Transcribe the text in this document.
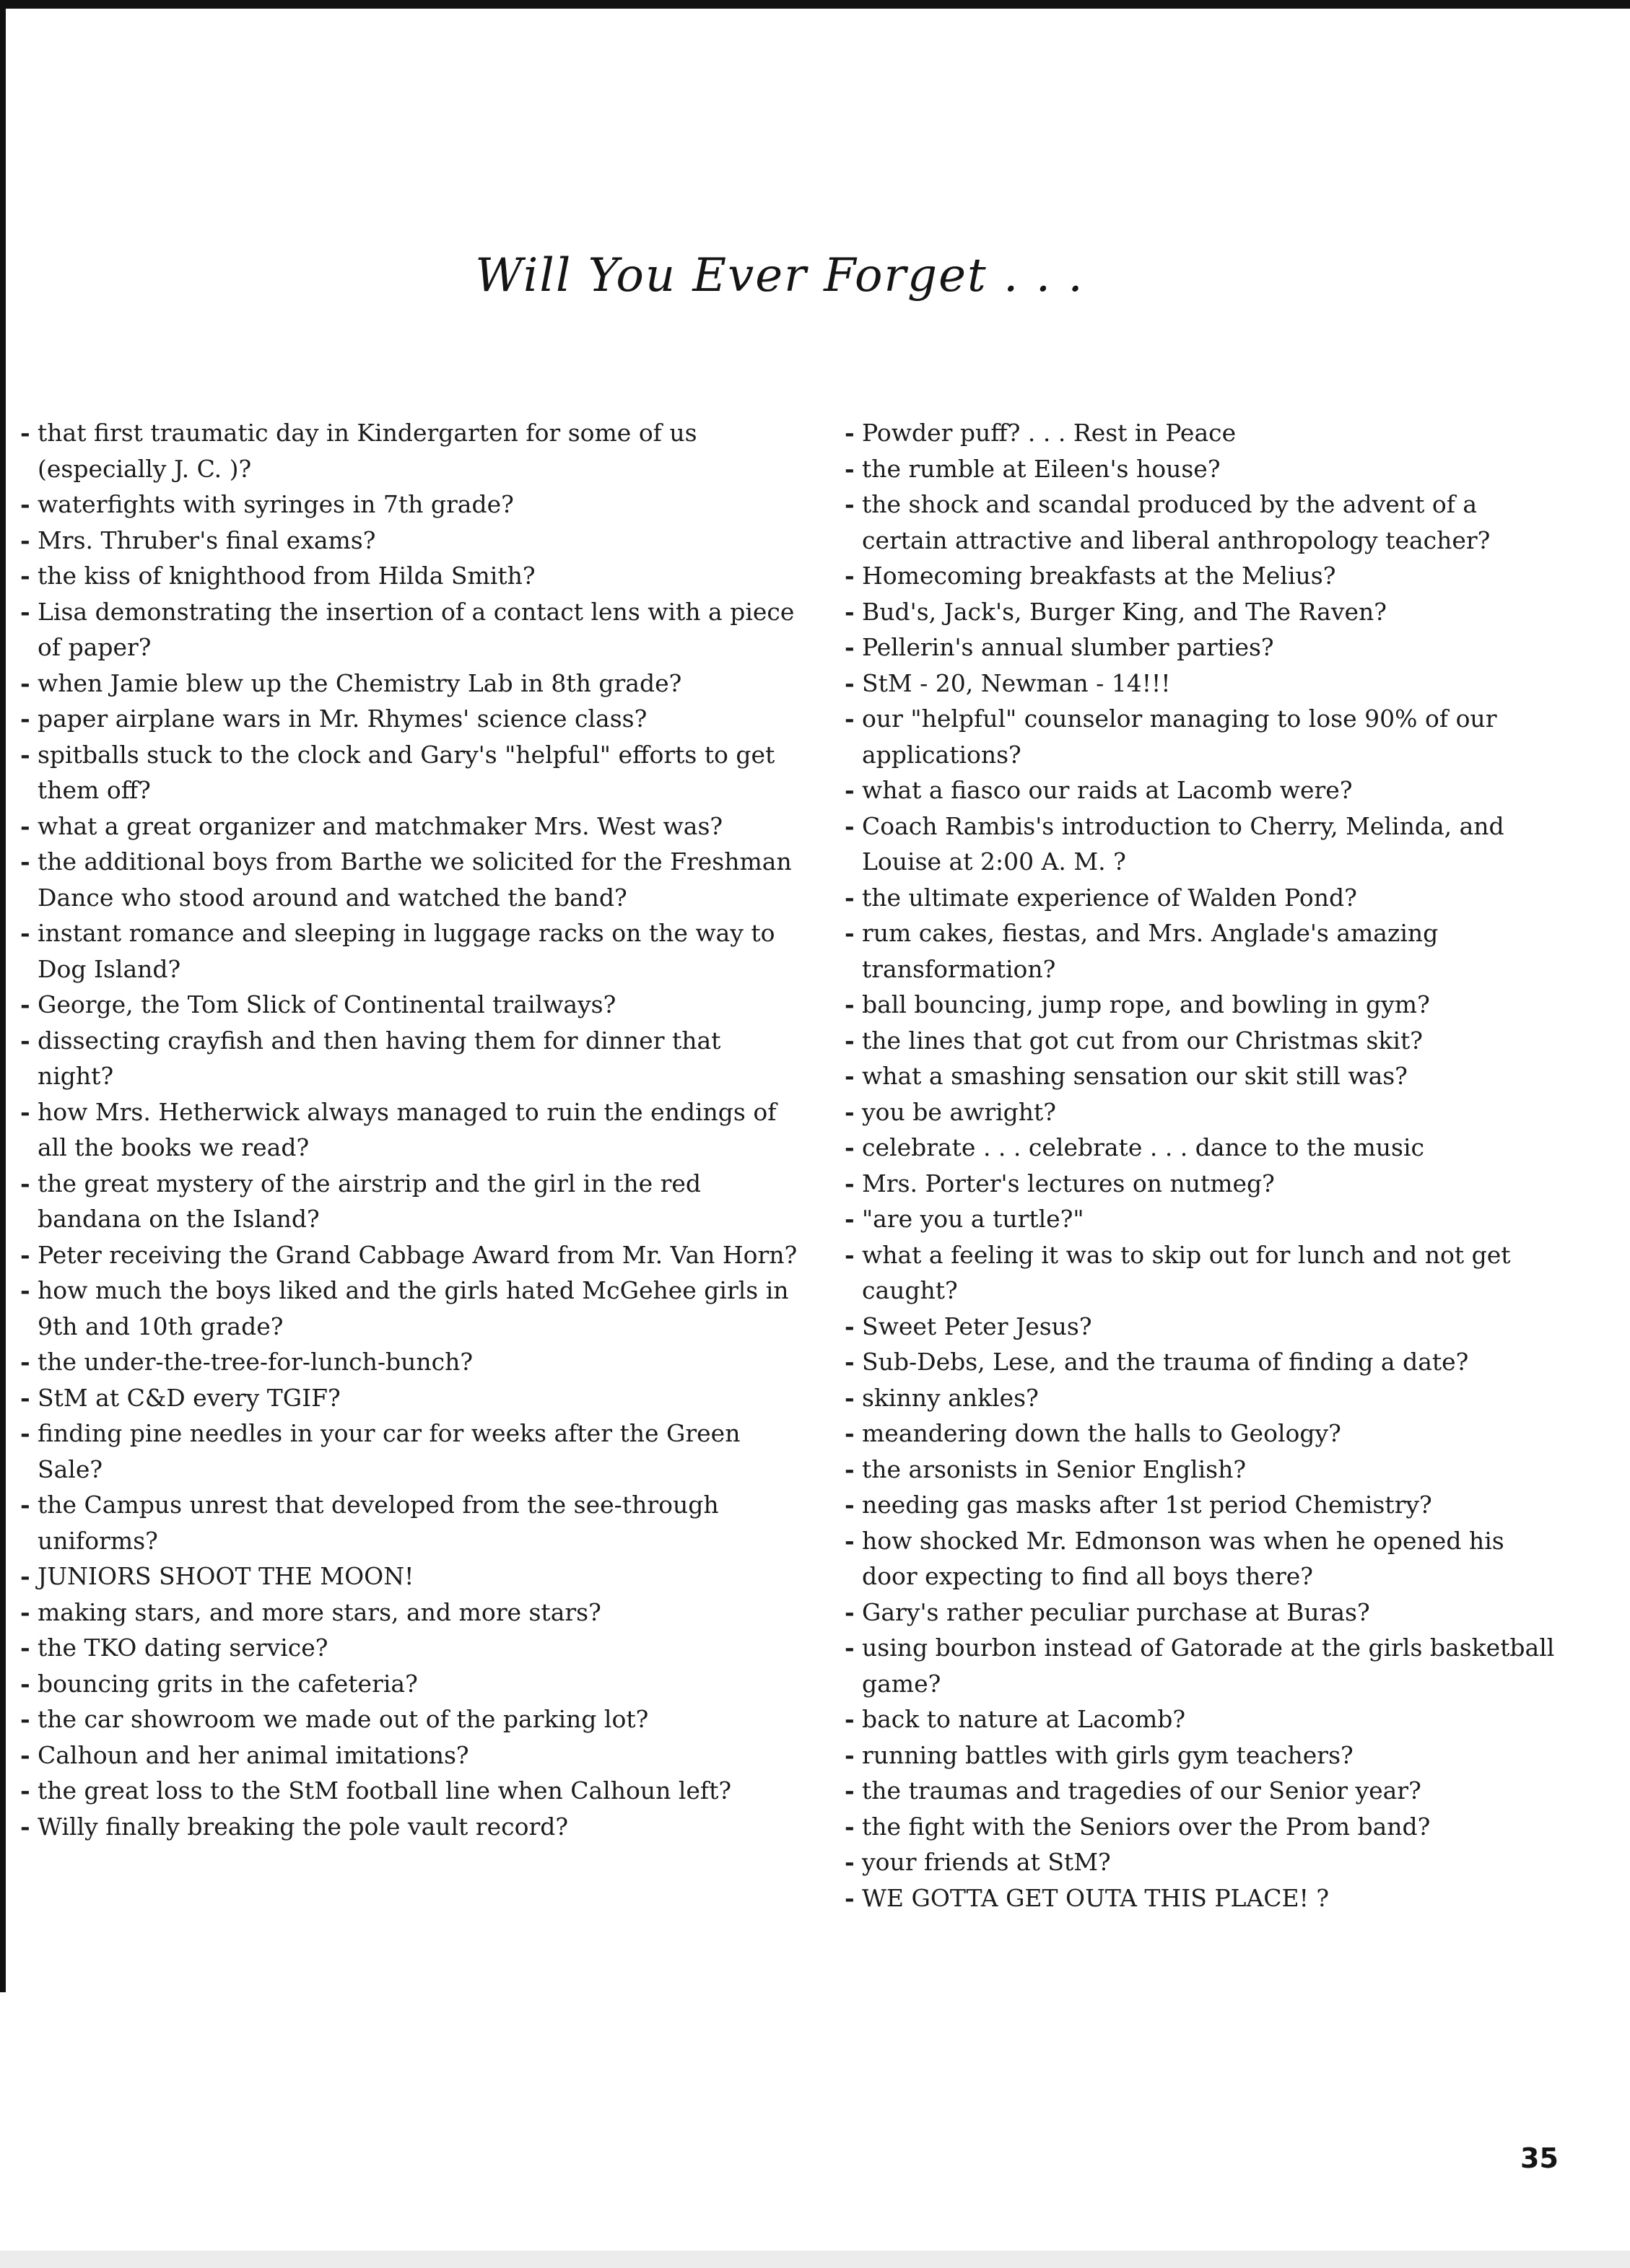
Will You Ever Forget . . .
- that first traumatic day in Kindergarten for some of us (especially J. C. )?
- waterfights with syringes in 7th grade?
- Mrs. Thruber's final exams?
- the kiss of knighthood from Hilda Smith?
- Lisa demonstrating the insertion of a contact lens with a piece of paper?
- when Jamie blew up the Chemistry Lab in 8th grade?
- paper airplane wars in Mr. Rhymes' science class?
- spitballs stuck to the clock and Gary's "helpful" efforts to get them off?
- what a great organizer and matchmaker Mrs. West was?
- the additional boys from Barthe we solicited for the Freshman Dance who stood around and watched the band?
- instant romance and sleeping in luggage racks on the way to Dog Island?
- George, the Tom Slick of Continental trailways?
- dissecting crayfish and then having them for dinner that night?
- how Mrs. Hetherwick always managed to ruin the endings of all the books we read?
- the great mystery of the airstrip and the girl in the red bandana on the Island?
- Peter receiving the Grand Cabbage Award from Mr. Van Horn?
- how much the boys liked and the girls hated McGehee girls in 9th and 10th grade?
- the under-the-tree-for-lunch-bunch?
- StM at C&D every TGIF?
- finding pine needles in your car for weeks after the Green Sale?
- the Campus unrest that developed from the see-through uniforms?
- JUNIORS SHOOT THE MOON!
- making stars, and more stars, and more stars?
- the TKO dating service?
- bouncing grits in the cafeteria?
- the car showroom we made out of the parking lot?
- Calhoun and her animal imitations?
- the great loss to the StM football line when Calhoun left?
- Willy finally breaking the pole vault record?
- Powder puff? . . . Rest in Peace
- the rumble at Eileen's house?
- the shock and scandal produced by the advent of a certain attractive and liberal anthropology teacher?
- Homecoming breakfasts at the Melius?
- Bud's, Jack's, Burger King, and The Raven?
- Pellerin's annual slumber parties?
- StM - 20, Newman - 14!!!
- our "helpful" counselor managing to lose 90% of our applications?
- what a fiasco our raids at Lacomb were?
- Coach Rambis's introduction to Cherry, Melinda, and Louise at 2:00 A. M. ?
- the ultimate experience of Walden Pond?
- rum cakes, fiestas, and Mrs. Anglade's amazing transformation?
- ball bouncing, jump rope, and bowling in gym?
- the lines that got cut from our Christmas skit?
- what a smashing sensation our skit still was?
- you be awright?
- celebrate . . . celebrate . . . dance to the music
- Mrs. Porter's lectures on nutmeg?
- "are you a turtle?"
- what a feeling it was to skip out for lunch and not get caught?
- Sweet Peter Jesus?
- Sub-Debs, Lese, and the trauma of finding a date?
- skinny ankles?
- meandering down the halls to Geology?
- the arsonists in Senior English?
- needing gas masks after 1st period Chemistry?
- how shocked Mr. Edmonson was when he opened his door expecting to find all boys there?
- Gary's rather peculiar purchase at Buras?
- using bourbon instead of Gatorade at the girls basketball game?
- back to nature at Lacomb?
- running battles with girls gym teachers?
- the traumas and tragedies of our Senior year?
- the fight with the Seniors over the Prom band?
- your friends at StM?
- WE GOTTA GET OUTA THIS PLACE! ?
35
